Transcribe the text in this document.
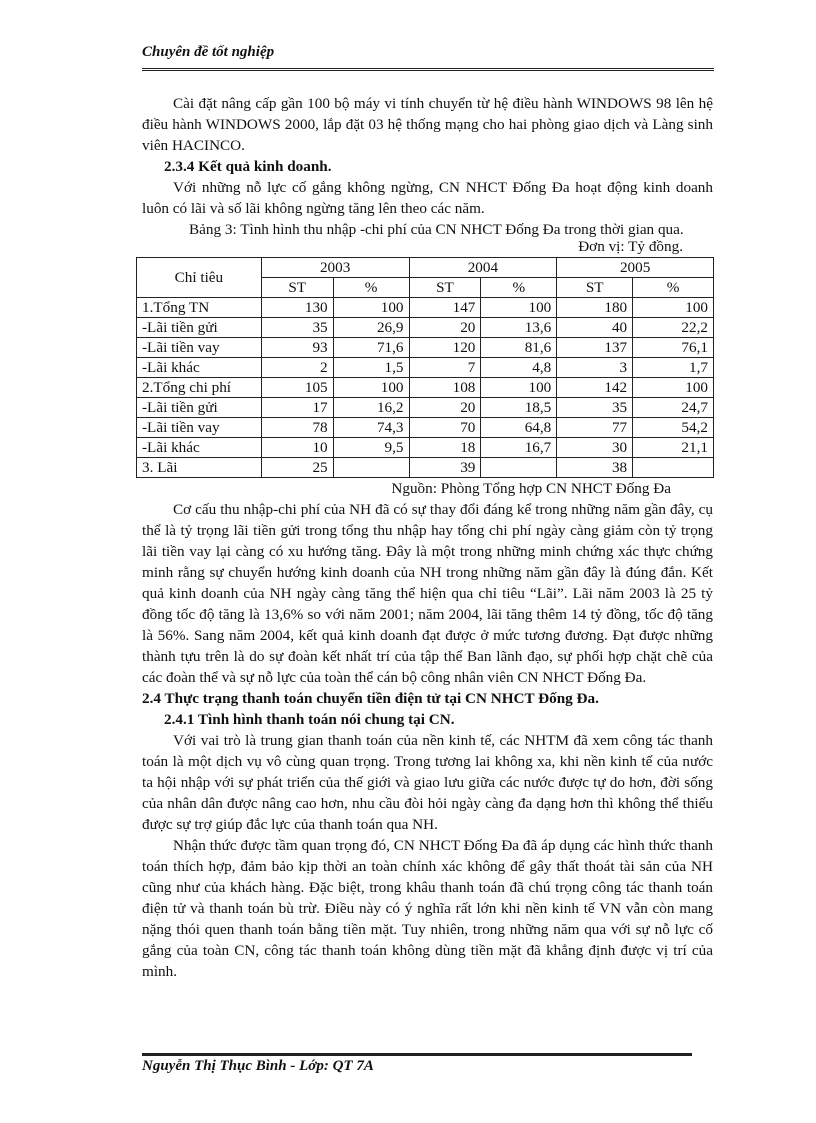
Chuyên đề tốt nghiệp

Cài đặt nâng cấp gần 100 bộ máy vi tính chuyển từ hệ điều hành WINDOWS 98 lên hệ điều hành WINDOWS 2000, lắp đặt 03 hệ thống mạng cho hai phòng giao dịch và Làng sinh viên HACINCO.

2.3.4 Kết quả kinh doanh.

Với những nỗ lực cố gắng không ngừng, CN NHCT Đống Đa hoạt động kinh doanh luôn có lãi và số lãi không ngừng tăng lên theo các năm.

Bảng 3: Tình hình thu nhập -chi phí của CN NHCT Đống Đa trong thời gian qua.

Đơn vị: Tỷ đồng.

Chỉ tiêu	2003		2004		2005	
	ST	%	ST	%	ST	%
1.Tổng TN	130	100	147	100	180	100
-Lãi tiền gửi	35	26,9	20	13,6	40	22,2
-Lãi tiền vay	93	71,6	120	81,6	137	76,1
-Lãi khác	2	1,5	7	4,8	3	1,7
2.Tổng chi phí	105	100	108	100	142	100
-Lãi tiền gửi	17	16,2	20	18,5	35	24,7
-Lãi tiền vay	78	74,3	70	64,8	77	54,2
-Lãi khác	10	9,5	18	16,7	30	21,1
3. Lãi	25		39		38	

Nguồn: Phòng Tổng hợp CN NHCT Đống Đa

Cơ cấu thu nhập-chi phí của NH đã có sự thay đổi đáng kể trong những năm gần đây, cụ thể là tỷ trọng lãi tiền gửi trong tổng thu nhập hay tổng chi phí ngày càng giảm còn tỷ trọng lãi tiền vay lại càng có xu hướng tăng. Đây là một trong những minh chứng xác thực chứng minh rằng sự chuyển hướng kinh doanh của NH trong những năm gần đây là đúng đắn. Kết quả kinh doanh của NH ngày càng tăng thể hiện qua chỉ tiêu “Lãi”. Lãi năm 2003 là 25 tỷ đồng tốc độ tăng là 13,6% so với năm 2001; năm 2004, lãi tăng thêm 14 tỷ đồng, tốc độ tăng là 56%. Sang năm 2004, kết quả kinh doanh đạt được ở mức tương đương. Đạt được những thành tựu trên là do sự đoàn kết nhất trí của tập thể Ban lãnh đạo, sự phối hợp chặt chẽ của các đoàn thể và sự nỗ lực của toàn thể cán bộ công nhân viên CN NHCT Đống Đa.

2.4 Thực trạng thanh toán chuyển tiền điện tử tại CN NHCT Đống Đa.

2.4.1 Tình hình thanh toán nói chung tại CN.

Với vai trò là trung gian thanh toán của nền kinh tế, các NHTM đã xem công tác thanh toán là một dịch vụ vô cùng quan trọng. Trong tương lai không xa, khi nền kinh tế của nước ta hội nhập với sự phát triển của thế giới và giao lưu giữa các nước được tự do hơn, đời sống của nhân dân được nâng cao hơn, nhu cầu đòi hỏi ngày càng đa dạng hơn thì không thể thiếu được sự trợ giúp đắc lực của thanh toán qua NH.

Nhận thức được tầm quan trọng đó, CN NHCT Đống Đa đã áp dụng các hình thức thanh toán thích hợp, đảm bảo kịp thời an toàn chính xác không để gây thất thoát tài sản của NH cũng như của khách hàng. Đặc biệt, trong khâu thanh toán đã chú trọng công tác thanh toán điện tử và thanh toán bù trừ. Điều này có ý nghĩa rất lớn khi nền kinh tế VN vẫn còn mang nặng thói quen thanh toán bằng tiền mặt. Tuy nhiên, trong những năm qua với sự nỗ lực cố gắng của toàn CN, công tác thanh toán không dùng tiền mặt đã khẳng định được vị trí của mình.

Nguyễn Thị Thục Bình - Lớp: QT 7A
